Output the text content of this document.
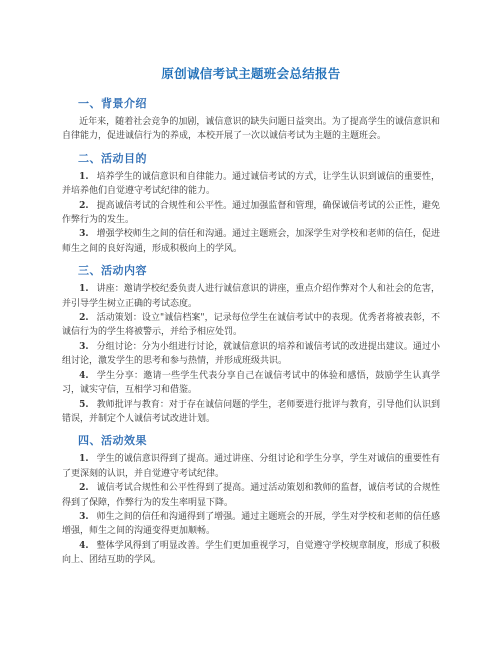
原创诚信考试主题班会总结报告
一、背景介绍

近年来，随着社会竞争的加剧，诚信意识的缺失问题日益突出。为了提高学生的诚信意识和自律能力，促进诚信行为的养成，本校开展了一次以诚信考试为主题的主题班会。

二、活动目的

1. 培养学生的诚信意识和自律能力。通过诚信考试的方式，让学生认识到诚信的重要性，并培养他们自觉遵守考试纪律的能力。

2. 提高诚信考试的合规性和公平性。通过加强监督和管理，确保诚信考试的公正性，避免作弊行为的发生。

3. 增强学校师生之间的信任和沟通。通过主题班会，加深学生对学校和老师的信任，促进师生之间的良好沟通，形成积极向上的学风。

三、活动内容

1. 讲座：邀请学校纪委负责人进行诚信意识的讲座，重点介绍作弊对个人和社会的危害，并引导学生树立正确的考试态度。

2. 活动策划：设立"诚信档案"，记录每位学生在诚信考试中的表现。优秀者将被表彰，不诚信行为的学生将被警示，并给予相应处罚。

3. 分组讨论：分为小组进行讨论，就诚信意识的培养和诚信考试的改进提出建议。通过小组讨论，激发学生的思考和参与热情，并形成班级共识。

4. 学生分享：邀请一些学生代表分享自己在诚信考试中的体验和感悟，鼓励学生认真学习，诚实守信，互相学习和借鉴。

5. 教师批评与教育：对于存在诚信问题的学生，老师要进行批评与教育，引导他们认识到错误，并制定个人诚信考试改进计划。

四、活动效果

1. 学生的诚信意识得到了提高。通过讲座、分组讨论和学生分享，学生对诚信的重要性有了更深刻的认识，并自觉遵守考试纪律。

2. 诚信考试合规性和公平性得到了提高。通过活动策划和教师的监督，诚信考试的合规性得到了保障，作弊行为的发生率明显下降。

3. 师生之间的信任和沟通得到了增强。通过主题班会的开展，学生对学校和老师的信任感增强，师生之间的沟通变得更加顺畅。

4. 整体学风得到了明显改善。学生们更加重视学习，自觉遵守学校规章制度，形成了积极向上、团结互助的学风。
